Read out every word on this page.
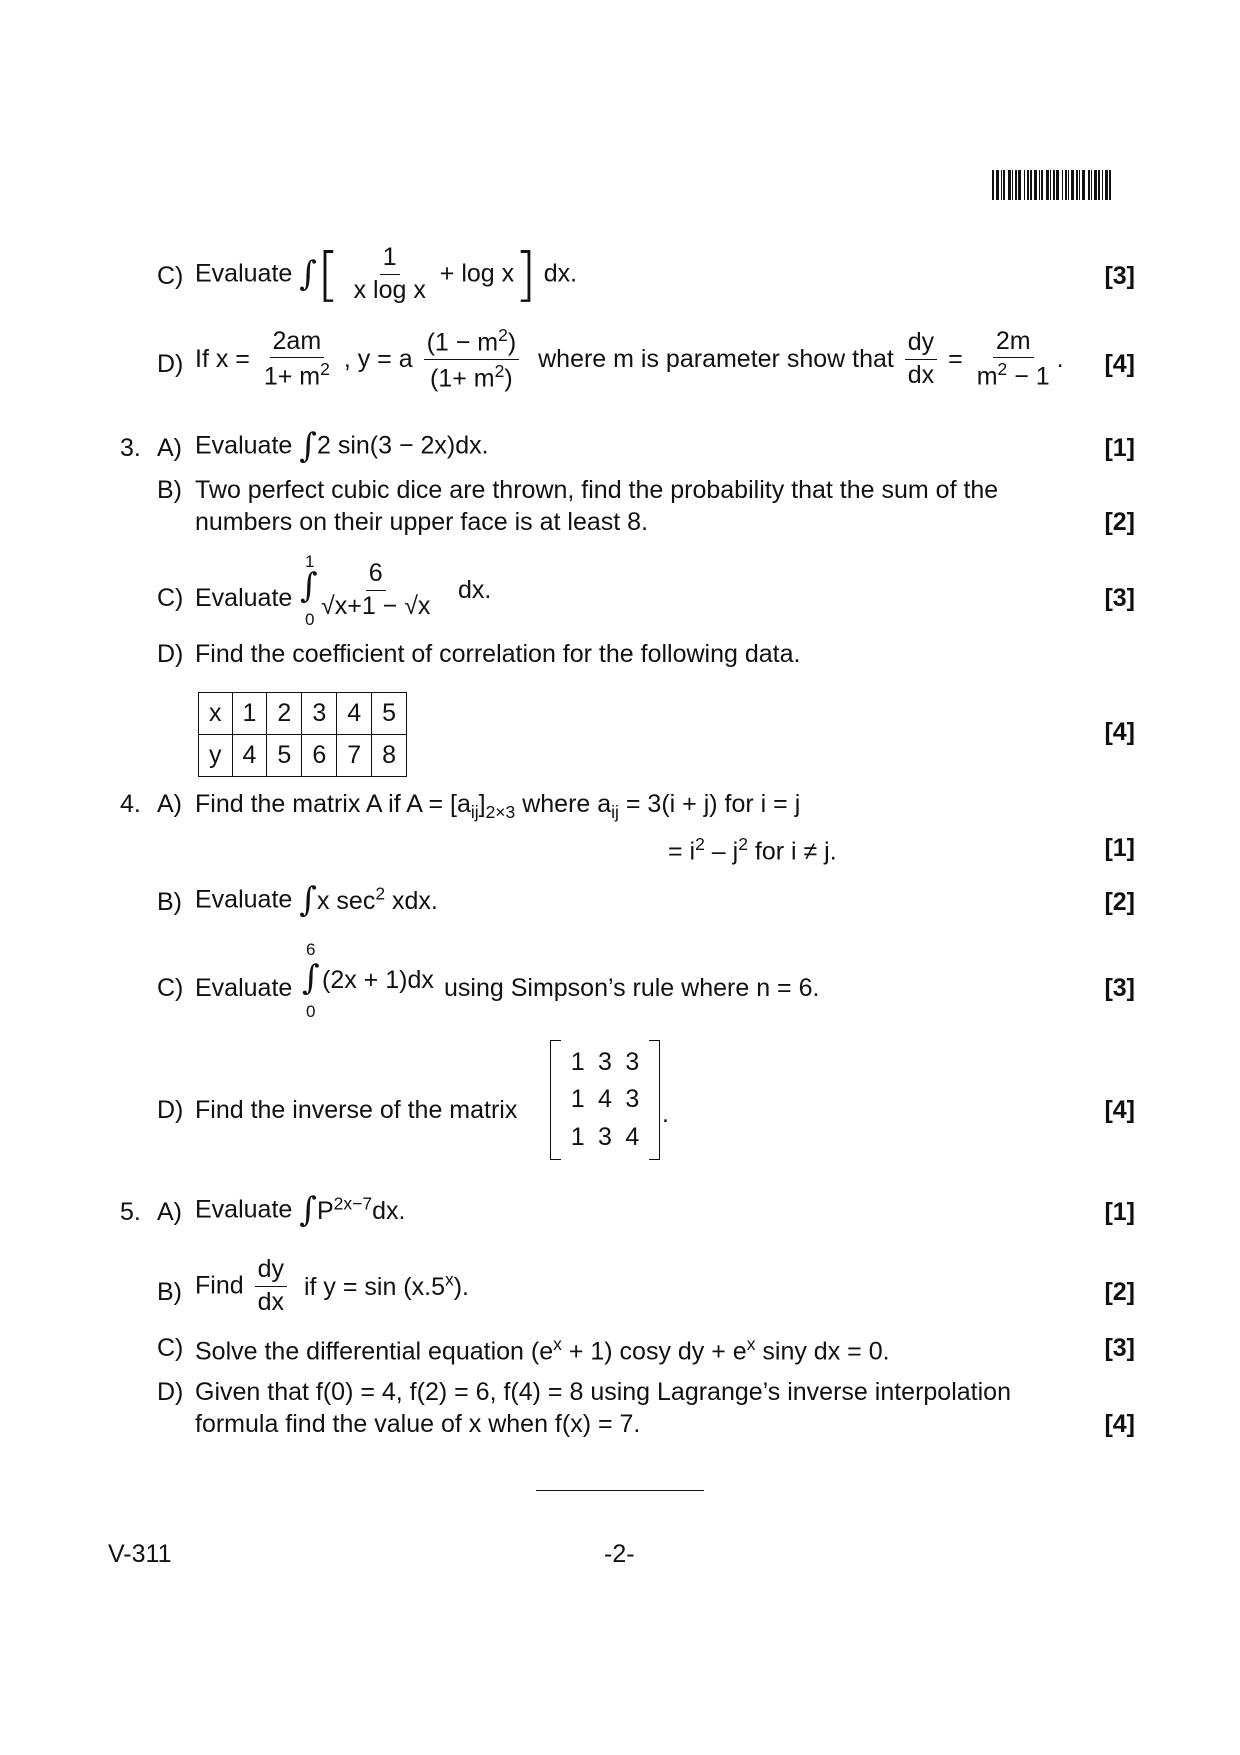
C) Evaluate ∫[ $\frac{1}{\text{x log x}} + \log x$] dx.	[3]
D) If $x = \frac{2am}{1+ m^2}$ , y = a $\frac{(1 - m^2)}{(1+ m^2)}$ where m is parameter show that $\frac{dy}{dx} = \frac{2m}{m^2 - 1}$ . [4]
3. A) Evaluate ∫2 sin(3 − 2x)dx.	[1]
B) Two perfect cubic dice are thrown, find the probability that the sum of the
numbers on their upper face is at least 8.	[2]
C) Evaluate
1
∫
$0 \frac{6}{√x+1 - √x}$ dx.	[3]
D) Find the coefficient of correlation for the following data.
x	1	2	3	4	5
y	4	5	6	7	8
[4]
4. A) Find the matrix A if $A = [a_{ij}]_{2\times 3}$ where $a_{ij} = 3(i + j)$ for i = j
= $i^2 - j^2$ for i ≠ j.	[1]
B) Evaluate ∫x $\sec^2$ xdx.	[2]
C) Evaluate
6
∫
0
(2x + 1)dx using Simpson’s rule where n = 6.	[3]
D) Find the inverse of the matrix
1 3 3
1 4 3
1 3 4
.	[4]
5. A) Evaluate $\int P^{2x-7}dx$.	[1]
B) Find $\frac{dy}{dx}$ if y = sin (x.5$^x$).	[2]
C) Solve the differential equation $(e^x + 1)$ cosy dy + $e^x$ siny dx = 0.	[3]
D) Given that f(0) = 4, f(2) = 6, f(4) = 8 using Lagrange’s inverse interpolation
formula find the value of x when f(x) = 7.	[4]
V-311	-2-
